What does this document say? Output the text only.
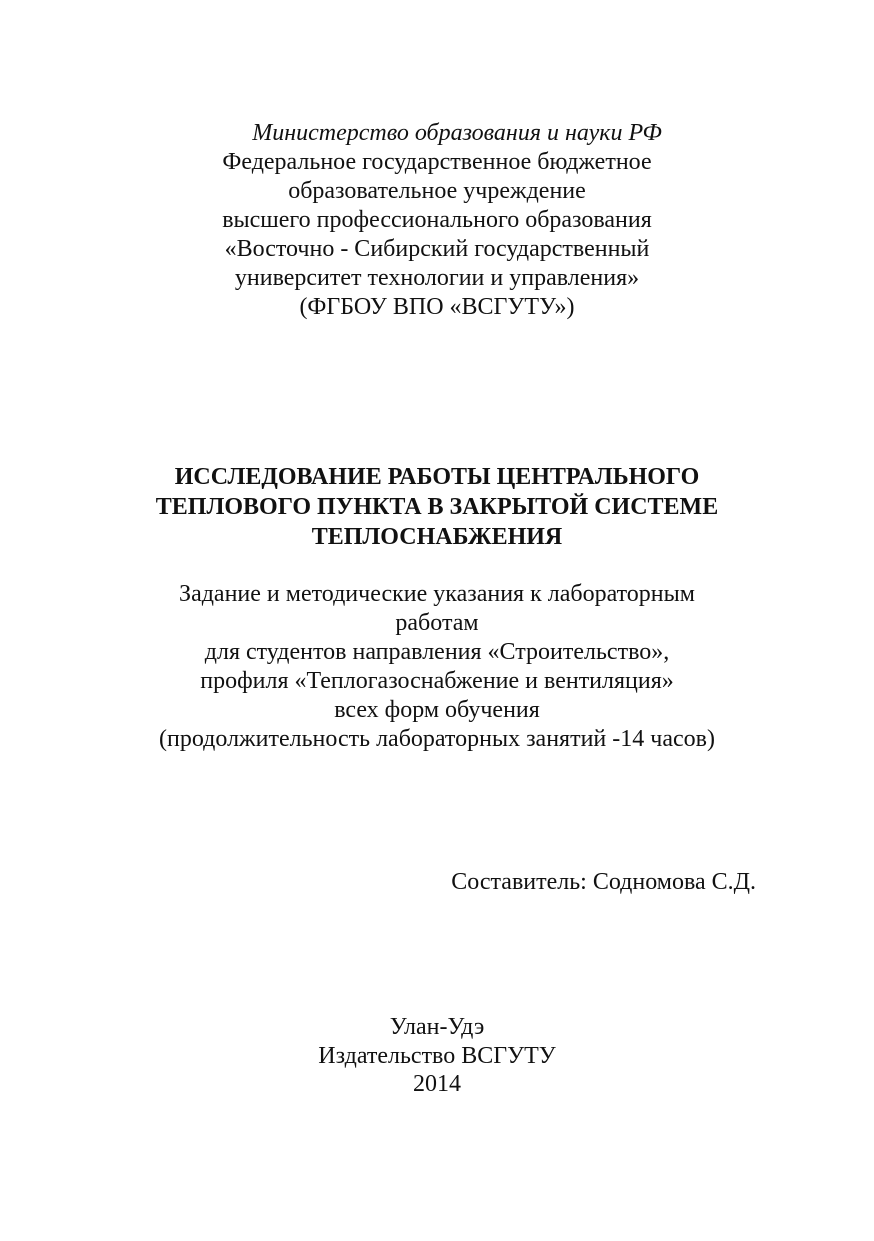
Министерство образования и науки РФ
Федеральное государственное бюджетное
образовательное учреждение
высшего профессионального образования
«Восточно - Сибирский государственный
университет технологии и управления»
(ФГБОУ ВПО «ВСГУТУ»)
ИССЛЕДОВАНИЕ РАБОТЫ ЦЕНТРАЛЬНОГО
ТЕПЛОВОГО ПУНКТА В ЗАКРЫТОЙ СИСТЕМЕ
ТЕПЛОСНАБЖЕНИЯ
Задание и методические указания к лабораторным
работам
для студентов направления «Строительство»,
профиля «Теплогазоснабжение и вентиляция»
всех форм обучения
(продолжительность лабораторных занятий -14 часов)
Составитель: Содномова С.Д.
Улан-Удэ
Издательство ВСГУТУ
2014
